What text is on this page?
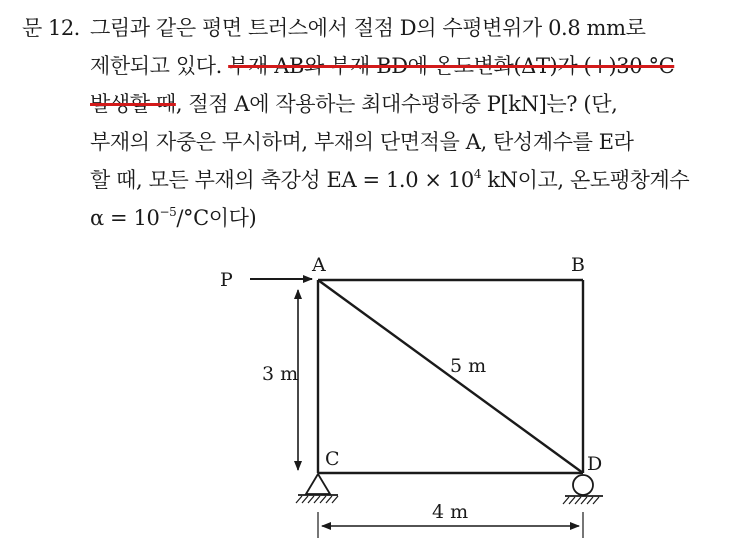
문 12. 그림과 같은 평면 트러스에서 절점 D의 수평변위가 0.8 mm로
제한되고 있다. 부재 AB와 부재 BD에 온도변화(ΔT)가 (+)30 °C
발생할 때, 절점 A에 작용하는 최대수평하중 P[kN]는? (단,
부재의 자중은 무시하며, 부재의 단면적을 A, 탄성계수를 E라
할 때, 모든 부재의 축강성 EA = $1.0 \times 10^4$ kN이고, 온도팽창계수
$\alpha = 10^{-5}/^\circ C$이다)
P
A	B
C	D
3 m	5 m
4 m
